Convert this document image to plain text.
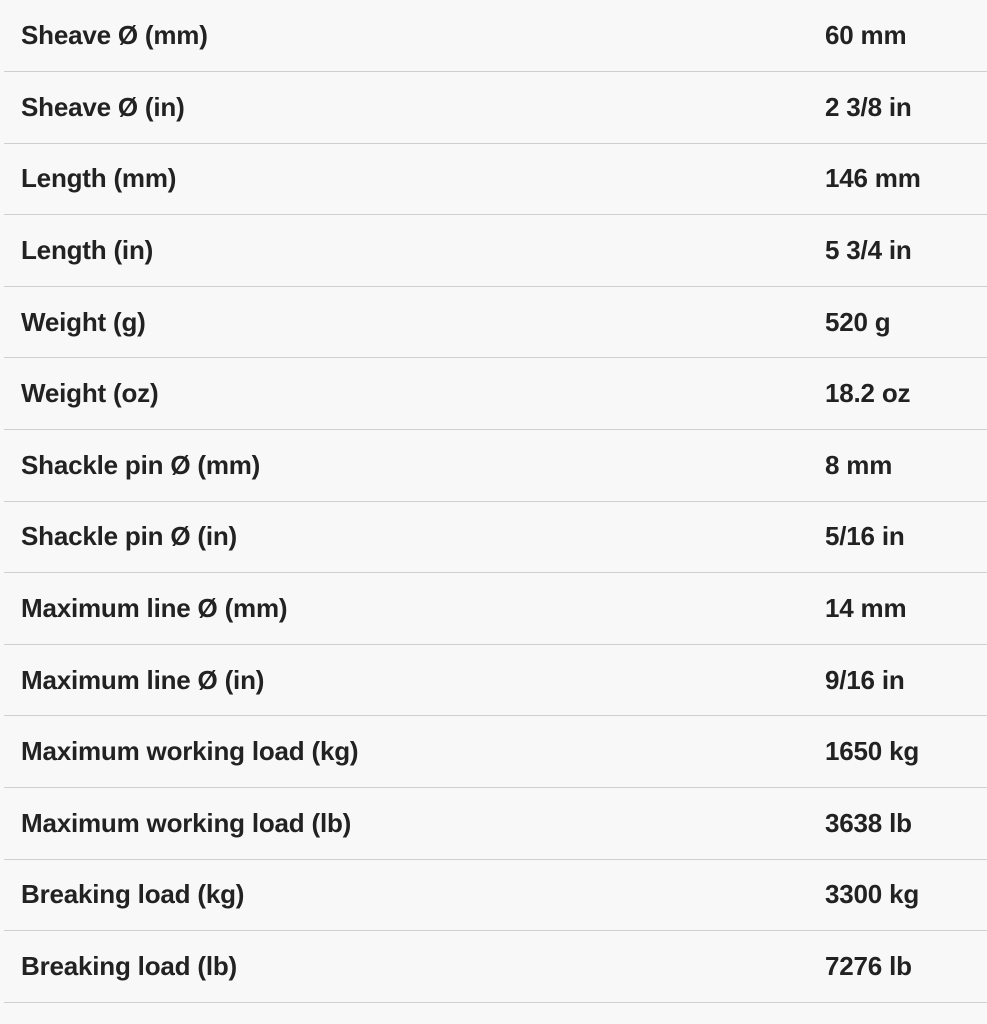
Sheave Ø (mm)	60 mm
Sheave Ø (in)	2 3/8 in
Length (mm)	146 mm
Length (in)	5 3/4 in
Weight (g)	520 g
Weight (oz)	18.2 oz
Shackle pin Ø (mm)	8 mm
Shackle pin Ø (in)	5/16 in
Maximum line Ø (mm)	14 mm
Maximum line Ø (in)	9/16 in
Maximum working load (kg)	1650 kg
Maximum working load (lb)	3638 lb
Breaking load (kg)	3300 kg
Breaking load (lb)	7276 lb
